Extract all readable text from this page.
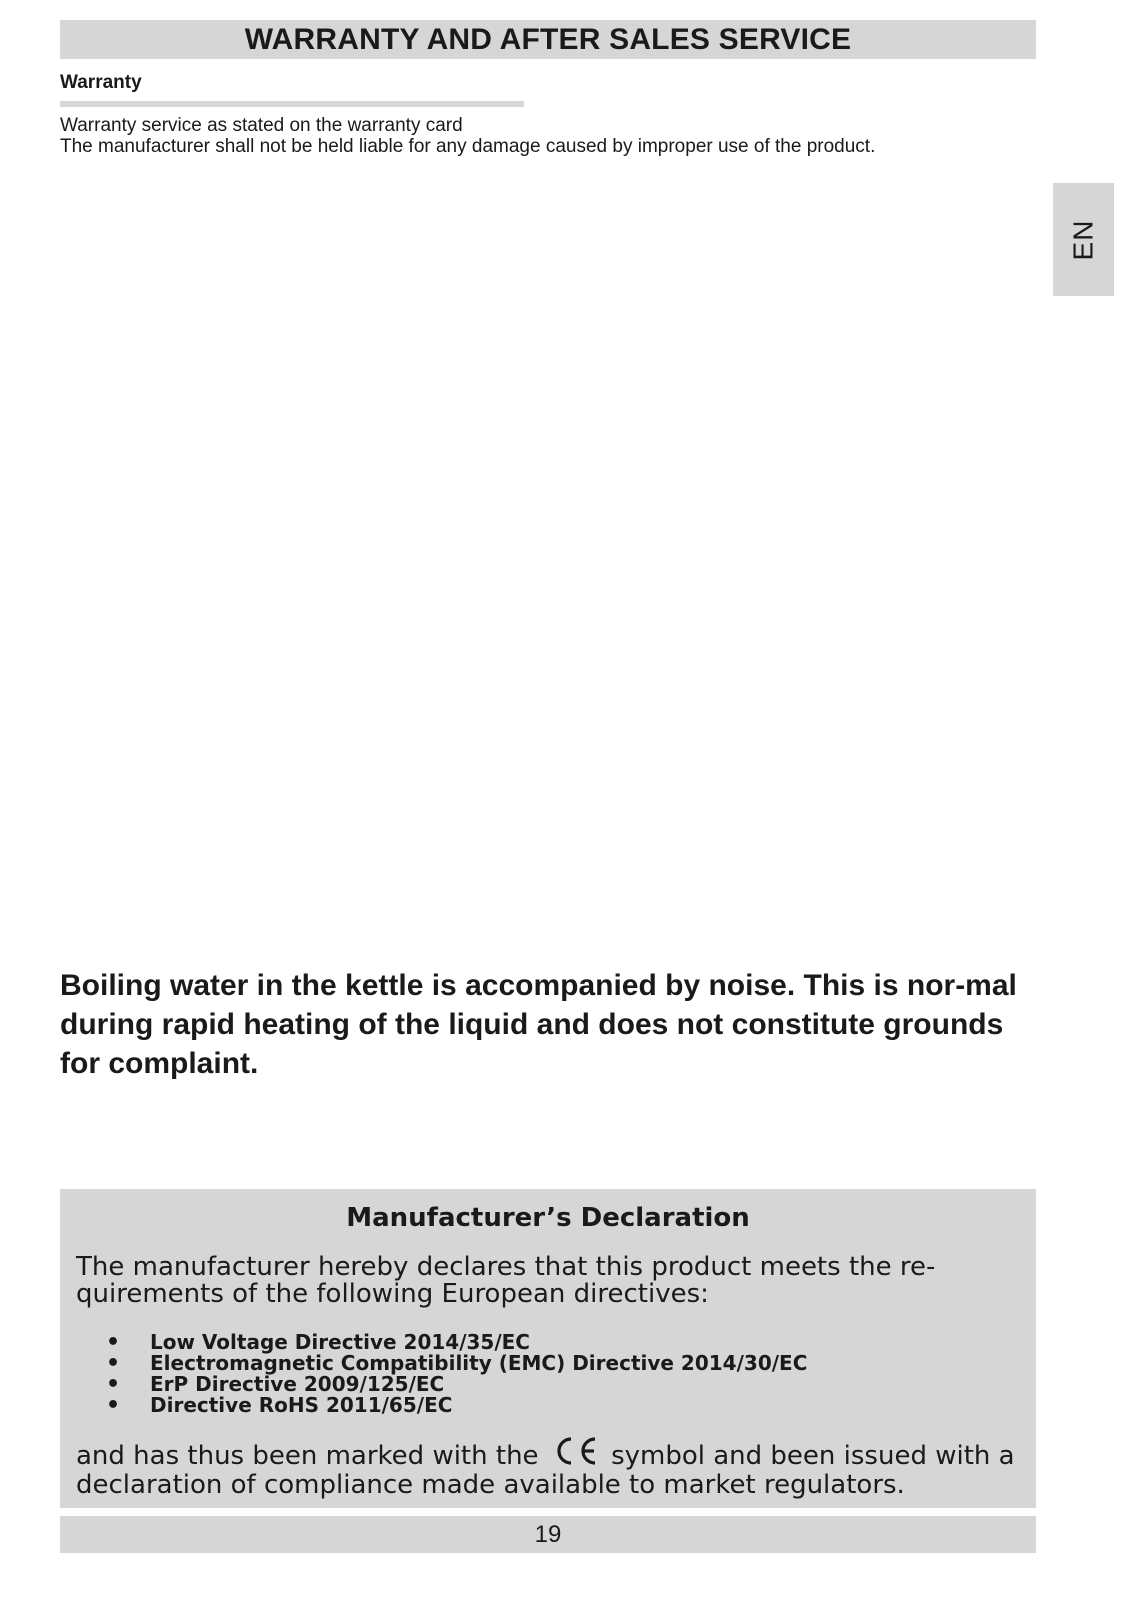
WARRANTY AND AFTER SALES SERVICE
Warranty
Warranty service as stated on the warranty card
The manufacturer shall not be held liable for any damage caused by improper use of the product.
EN
Boiling water in the kettle is accompanied by noise. This is nor-mal during rapid heating of the liquid and does not constitute grounds for complaint.
Manufacturer’s Declaration
The manufacturer hereby declares that this product meets the re-quirements of the following European directives:
• Low Voltage Directive 2014/35/EC
• Electromagnetic Compatibility (EMC) Directive 2014/30/EC
• ErP Directive 2009/125/EC
• Directive RoHS 2011/65/EC
and has thus been marked with the	symbol and been issued with a declaration of compliance made available to market regulators.
19
